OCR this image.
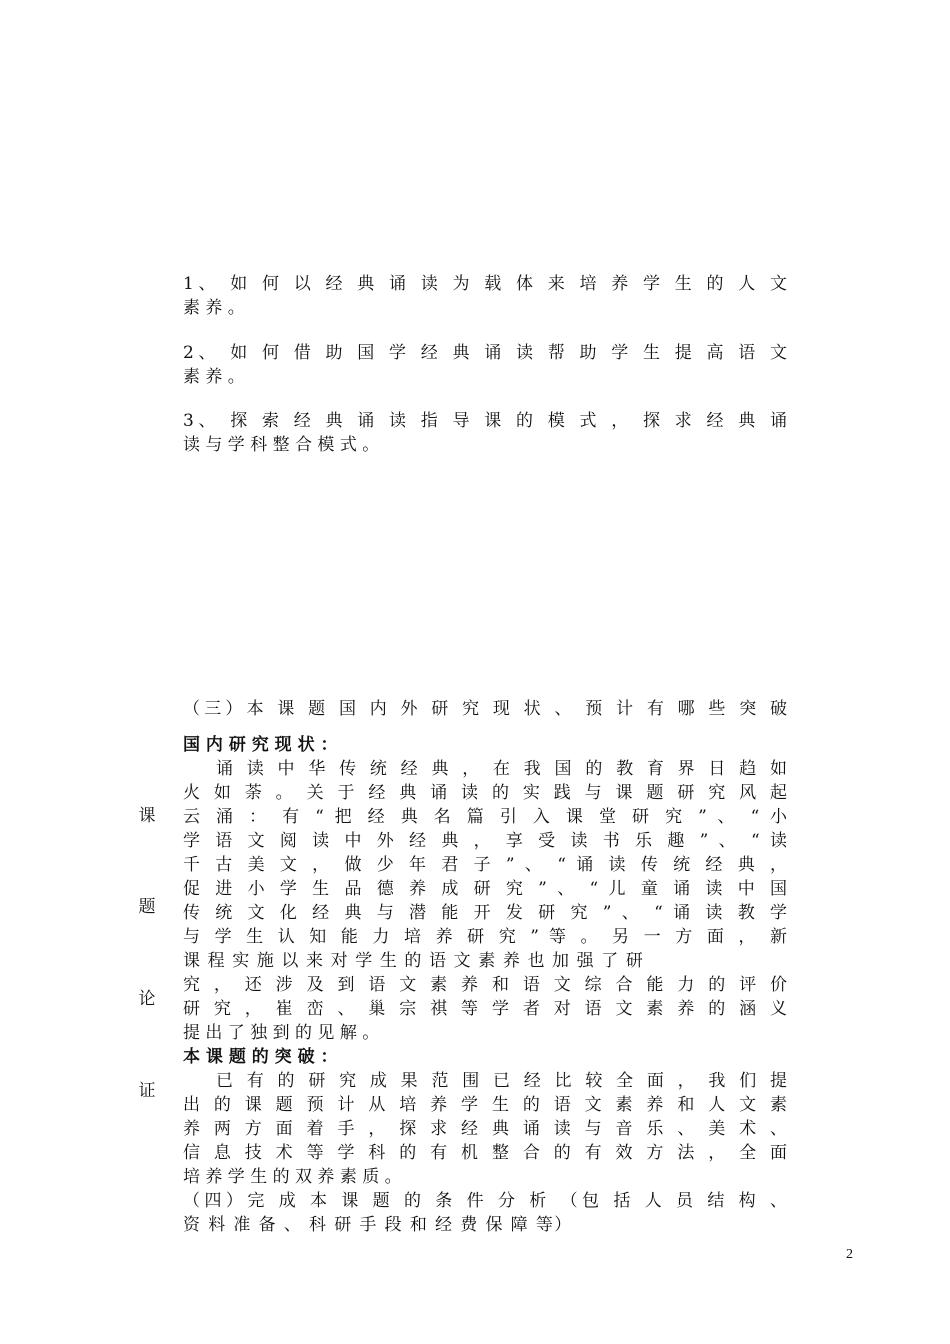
1、 如 何 以 经 典 诵 读 为 载 体 来 培 养 学 生 的 人 文
素 养 。
2、 如 何 借 助 国 学 经 典 诵 读 帮 助 学 生 提 高 语 文
素 养 。
3、 探 索 经 典 诵 读 指 导 课 的 模 式 ， 探 求 经 典 诵
读 与 学 科 整 合 模 式 。
（三）本 课 题 国 内 外 研 究 现 状 、 预 计 有 哪 些 突 破
课
题
论
证
国 内 研 究 现 状 ：
诵 读 中 华 传 统 经 典 ， 在 我 国 的 教 育 界 日 趋 如
火 如 荼 。 关 于 经 典 诵 读 的 实 践 与 课 题 研 究 风 起
云 涌 ： 有 “ 把 经 典 名 篇 引 入 课 堂 研 究 ” 、 “ 小
学 语 文 阅 读 中 外 经 典 ， 享 受 读 书 乐 趣 ” 、 “ 读
千 古 美 文 ， 做 少 年 君 子 ” 、 “ 诵 读 传 统 经 典 ，
促 进 小 学 生 品 德 养 成 研 究 ” 、 “ 儿 童 诵 读 中 国
传 统 文 化 经 典 与 潜 能 开 发 研 究 ” 、 “ 诵 读 教 学
与 学 生 认 知 能 力 培 养 研 究 ” 等 。 另 一 方 面 ， 新
课 程 实 施 以 来 对 学 生 的 语 文 素 养 也 加 强 了 研
究 ， 还 涉 及 到 语 文 素 养 和 语 文 综 合 能 力 的 评 价
研 究 ， 崔 峦 、 巢 宗 祺 等 学 者 对 语 文 素 养 的 涵 义
提 出 了 独 到 的 见 解 。
本 课 题 的 突 破 ：
已 有 的 研 究 成 果 范 围 已 经 比 较 全 面 ， 我 们 提
出 的 课 题 预 计 从 培 养 学 生 的 语 文 素 养 和 人 文 素
养 两 方 面 着 手 ， 探 求 经 典 诵 读 与 音 乐 、 美 术 、
信 息 技 术 等 学 科 的 有 机 整 合 的 有 效 方 法 ， 全 面
培 养 学 生 的 双 养 素 质 。
（四）完 成 本 课 题 的 条 件 分 析 （包 括 人 员 结 构 、
资 料 准 备 、 科 研 手 段 和 经 费 保 障 等）
2
